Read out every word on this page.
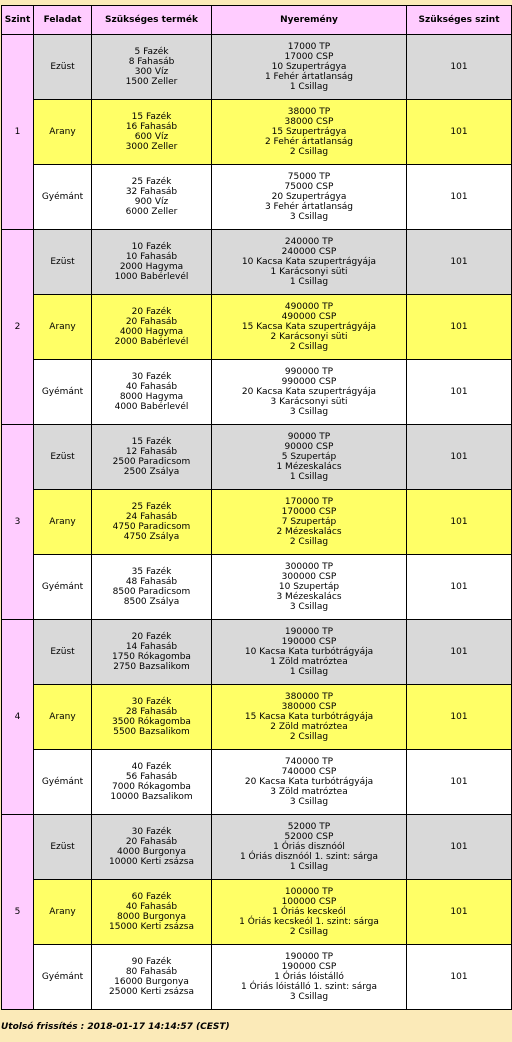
Szint	Feladat	Szükséges termék	Nyeremény	Szükséges szint
1	Ezüst	5 Fazék
8 Fahasáb
300 Víz
1500 Zeller	17000 TP
17000 CSP
10 Szupertrágya
1 Fehér ártatlanság
1 Csillag	101
	Arany	15 Fazék
16 Fahasáb
600 Víz
3000 Zeller	38000 TP
38000 CSP
15 Szupertrágya
2 Fehér ártatlanság
2 Csillag	101
	Gyémánt	25 Fazék
32 Fahasáb
900 Víz
6000 Zeller	75000 TP
75000 CSP
20 Szupertrágya
3 Fehér ártatlanság
3 Csillag	101
2	Ezüst	10 Fazék
10 Fahasáb
2000 Hagyma
1000 Babérlevél	240000 TP
240000 CSP
10 Kacsa Kata szupertrágyája
1 Karácsonyi süti
1 Csillag	101
	Arany	20 Fazék
20 Fahasáb
4000 Hagyma
2000 Babérlevél	490000 TP
490000 CSP
15 Kacsa Kata szupertrágyája
2 Karácsonyi süti
2 Csillag	101
	Gyémánt	30 Fazék
40 Fahasáb
8000 Hagyma
4000 Babérlevél	990000 TP
990000 CSP
20 Kacsa Kata szupertrágyája
3 Karácsonyi süti
3 Csillag	101
3	Ezüst	15 Fazék
12 Fahasáb
2500 Paradicsom
2500 Zsálya	90000 TP
90000 CSP
5 Szupertáp
1 Mézeskalács
1 Csillag	101
	Arany	25 Fazék
24 Fahasáb
4750 Paradicsom
4750 Zsálya	170000 TP
170000 CSP
7 Szupertáp
2 Mézeskalács
2 Csillag	101
	Gyémánt	35 Fazék
48 Fahasáb
8500 Paradicsom
8500 Zsálya	300000 TP
300000 CSP
10 Szupertáp
3 Mézeskalács
3 Csillag	101
4	Ezüst	20 Fazék
14 Fahasáb
1750 Rókagomba
2750 Bazsalikom	190000 TP
190000 CSP
10 Kacsa Kata turbótrágyája
1 Zöld matróztea
1 Csillag	101
	Arany	30 Fazék
28 Fahasáb
3500 Rókagomba
5500 Bazsalikom	380000 TP
380000 CSP
15 Kacsa Kata turbótrágyája
2 Zöld matróztea
2 Csillag	101
	Gyémánt	40 Fazék
56 Fahasáb
7000 Rókagomba
10000 Bazsalikom	740000 TP
740000 CSP
20 Kacsa Kata turbótrágyája
3 Zöld matróztea
3 Csillag	101
5	Ezüst	30 Fazék
20 Fahasáb
4000 Burgonya
10000 Kerti zsázsa	52000 TP
52000 CSP
1 Óriás disznóól
1 Óriás disznóól 1. szint: sárga
1 Csillag	101
	Arany	60 Fazék
40 Fahasáb
8000 Burgonya
15000 Kerti zsázsa	100000 TP
100000 CSP
1 Óriás kecskeól
1 Óriás kecskeól 1. szint: sárga
2 Csillag	101
	Gyémánt	90 Fazék
80 Fahasáb
16000 Burgonya
25000 Kerti zsázsa	190000 TP
190000 CSP
1 Óriás lóistálló
1 Óriás lóistálló 1. szint: sárga
3 Csillag	101
Utolsó frissítés : 2018-01-17 14:14:57 (CEST)
